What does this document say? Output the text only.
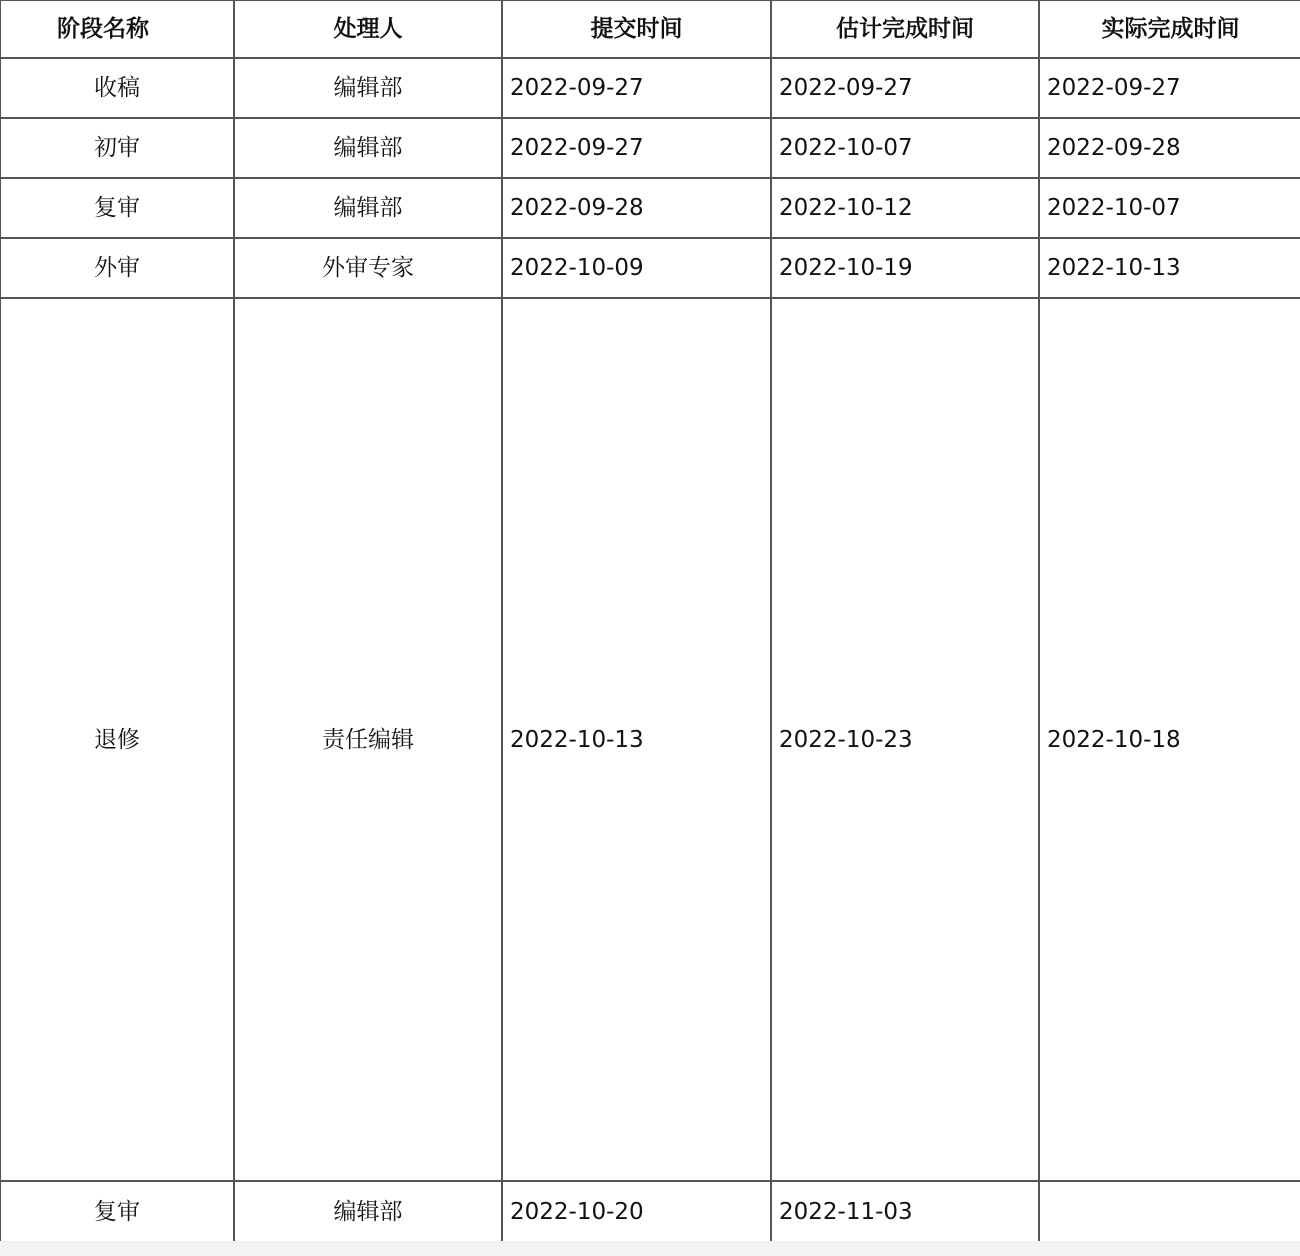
阶段名称	处理人	提交时间	估计完成时间	实际完成时间
收稿	编辑部	2022-09-27	2022-09-27	2022-09-27
初审	编辑部	2022-09-27	2022-10-07	2022-09-28
复审	编辑部	2022-09-28	2022-10-12	2022-10-07
外审	外审专家	2022-10-09	2022-10-19	2022-10-13
退修	责任编辑	2022-10-13	2022-10-23	2022-10-18
复审	编辑部	2022-10-20	2022-11-03	
